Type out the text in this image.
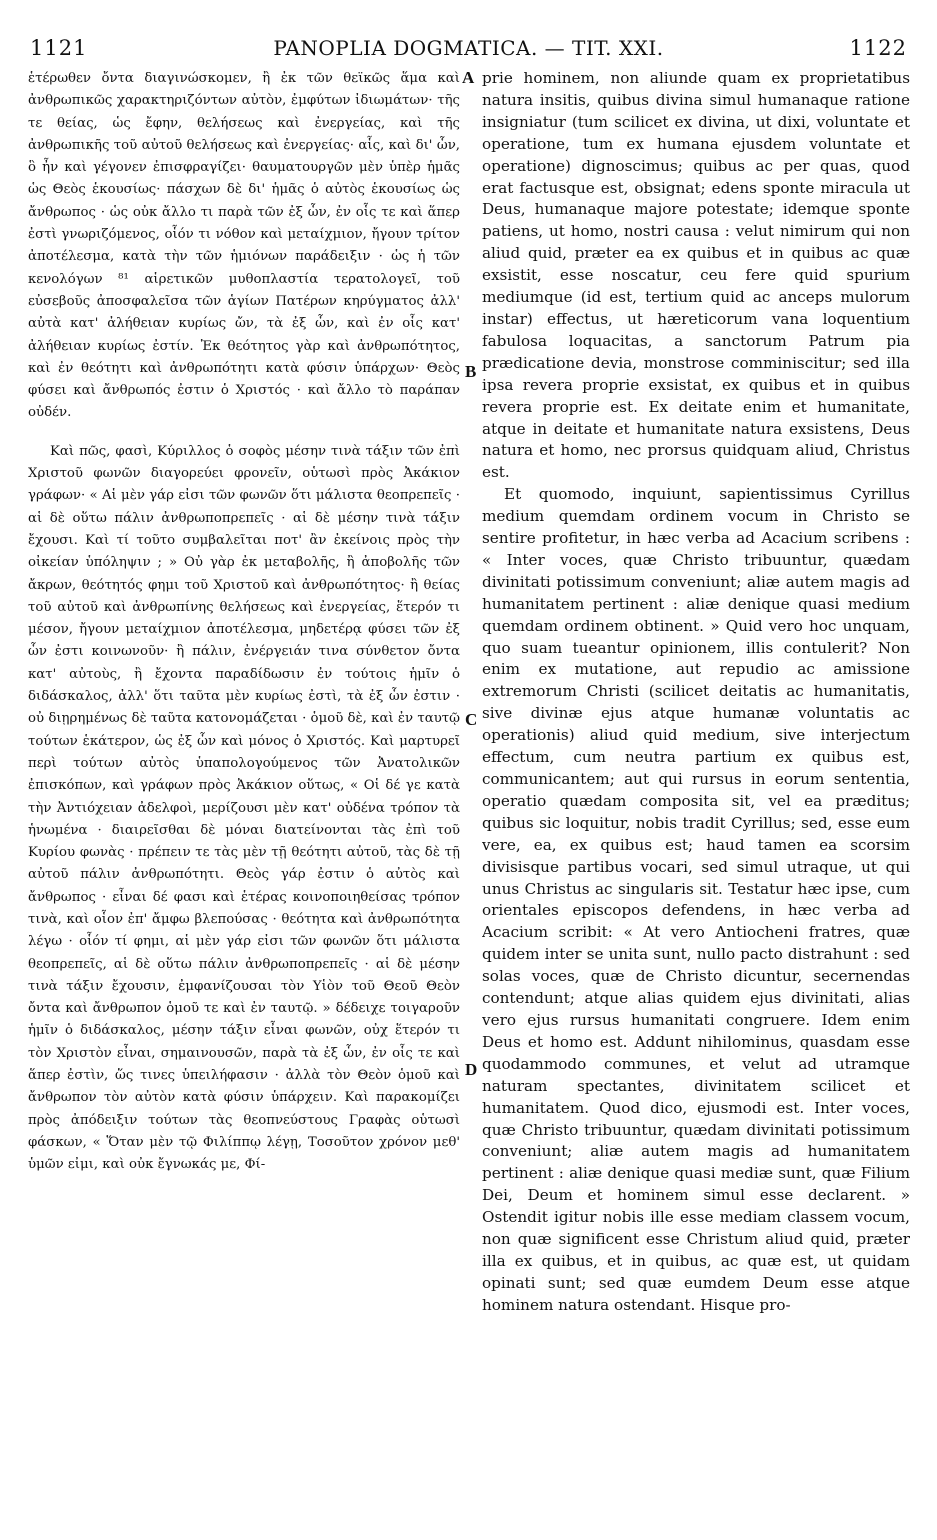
1121	PANOPLIA DOGMATICA. — TIT. XXI.	1122

ἑτέρωθεν ὄντα διαγινώσκομεν, ἢ ἐκ τῶν θεϊκῶς ἅμα καὶ ἀνθρωπικῶς χαρακτηριζόντων αὐτὸν, ἐμφύτων ἰδιωμάτων· τῆς τε θείας, ὡς ἔφην, θελήσεως καὶ ἐνεργείας, καὶ τῆς ἀνθρωπικῆς τοῦ αὐτοῦ θελήσεως καὶ ἐνεργείας· αἷς, καὶ δι' ὧν, ὃ ἦν καὶ γέγονεν ἐπισφραγίζει· θαυματουργῶν μὲν ὑπὲρ ἡμᾶς ὡς Θεὸς ἑκουσίως· πάσχων δὲ δι' ἡμᾶς ὁ αὐτὸς ἑκουσίως ὡς ἄνθρωπος · ὡς οὐκ ἄλλο τι παρὰ τῶν ἐξ ὧν, ἐν οἷς τε καὶ ἅπερ ἐστὶ γνωριζόμενος, οἷόν τι νόθον καὶ μεταίχμιον, ἤγουν τρίτον ἀποτέλεσμα, κατὰ τὴν τῶν ἡμιόνων παράδειξιν · ὡς ἡ τῶν κενολόγων ⁸¹ αἱρετικῶν μυθοπλαστία τερατολογεῖ, τοῦ εὐσεβοῦς ἀποσφαλεῖσα τῶν ἁγίων Πατέρων κηρύγματος ἀλλ' αὐτὰ κατ' ἀλήθειαν κυρίως ὤν, τὰ ἐξ ὧν, καὶ ἐν οἷς κατ' ἀλήθειαν κυρίως ἐστίν. Ἐκ θεότητος γὰρ καὶ ἀνθρωπότητος, καὶ ἐν θεότητι καὶ ἀνθρωπότητι κατὰ φύσιν ὑπάρχων· Θεὸς φύσει καὶ ἄνθρωπός ἐστιν ὁ Χριστός · καὶ ἄλλο τὸ παράπαν οὐδέν.

Καὶ πῶς, φασὶ, Κύριλλος ὁ σοφὸς μέσην τινὰ τάξιν τῶν ἐπὶ Χριστοῦ φωνῶν διαγορεύει φρονεῖν, οὑτωσὶ πρὸς Ἀκάκιον γράφων· « Αἱ μὲν γάρ εἰσι τῶν φωνῶν ὅτι μάλιστα θεοπρεπεῖς · αἱ δὲ οὕτω πάλιν ἀνθρωποπρεπεῖς · αἱ δὲ μέσην τινὰ τάξιν ἔχουσι. Καὶ τί τοῦτο συμβαλεῖται ποτ' ἂν ἐκείνοις πρὸς τὴν οἰκείαν ὑπόληψιν ; » Οὐ γὰρ ἐκ μεταβολῆς, ἢ ἀποβολῆς τῶν ἄκρων, θεότητός φημι τοῦ Χριστοῦ καὶ ἀνθρωπότητος· ἢ θείας τοῦ αὐτοῦ καὶ ἀνθρωπίνης θελήσεως καὶ ἐνεργείας, ἕτερόν τι μέσον, ἤγουν μεταίχμιον ἀποτέλεσμα, μηδετέρᾳ φύσει τῶν ἐξ ὧν ἐστι κοινωνοῦν· ἢ πάλιν, ἐνέργειάν τινα σύνθετον ὄντα κατ' αὐτοὺς, ἢ ἔχοντα παραδίδωσιν ἐν τούτοις ἡμῖν ὁ διδάσκαλος, ἀλλ' ὅτι ταῦτα μὲν κυρίως ἐστὶ, τὰ ἐξ ὧν ἐστιν · οὐ διῃρημένως δὲ ταῦτα κατονομάζεται · ὁμοῦ δὲ, καὶ ἐν ταυτῷ τούτων ἑκάτερον, ὡς ἐξ ὧν καὶ μόνος ὁ Χριστός. Καὶ μαρτυρεῖ περὶ τούτων αὐτὸς ὑπαπολογούμενος τῶν Ἀνατολικῶν ἐπισκόπων, καὶ γράφων πρὸς Ἀκάκιον οὕτως, « Οἱ δέ γε κατὰ τὴν Ἀντιόχειαν ἀδελφοὶ, μερίζουσι μὲν κατ' οὐδένα τρόπον τὰ ἡνωμένα · διαιρεῖσθαι δὲ μόναι διατείνονται τὰς ἐπὶ τοῦ Κυρίου φωνὰς · πρέπειν τε τὰς μὲν τῇ θεότητι αὐτοῦ, τὰς δὲ τῇ αὐτοῦ πάλιν ἀνθρωπότητι. Θεὸς γάρ ἐστιν ὁ αὐτὸς καὶ ἄνθρωπος · εἶναι δέ φασι καὶ ἑτέρας κοινοποιηθείσας τρόπον τινὰ, καὶ οἷον ἐπ' ἄμφω βλεπούσας · θεότητα καὶ ἀνθρωπότητα λέγω · οἷόν τί φημι, αἱ μὲν γάρ εἰσι τῶν φωνῶν ὅτι μάλιστα θεοπρεπεῖς, αἱ δὲ οὕτω πάλιν ἀνθρωποπρεπεῖς · αἱ δὲ μέσην τινὰ τάξιν ἔχουσιν, ἐμφανίζουσαι τὸν Υἱὸν τοῦ Θεοῦ Θεὸν ὄντα καὶ ἄνθρωπον ὁμοῦ τε καὶ ἐν ταυτῷ. » δέδειχε τοιγαροῦν ἡμῖν ὁ διδάσκαλος, μέσην τάξιν εἶναι φωνῶν, οὐχ ἕτερόν τι τὸν Χριστὸν εἶναι, σημαινουσῶν, παρὰ τὰ ἐξ ὧν, ἐν οἷς τε καὶ ἅπερ ἐστὶν, ὥς τινες ὑπειλήφασιν · ἀλλὰ τὸν Θεὸν ὁμοῦ καὶ ἄνθρωπον τὸν αὐτὸν κατὰ φύσιν ὑπάρχειν. Καὶ παρακομίζει πρὸς ἀπόδειξιν τούτων τὰς θεοπνεύστους Γραφὰς οὑτωσὶ φάσκων, « Ὅταν μὲν τῷ Φιλίππῳ λέγῃ, Τοσοῦτον χρόνον μεθ' ὑμῶν εἰμι, καὶ οὐκ ἔγνωκάς με, Φί-

prie hominem, non aliunde quam ex proprietatibus natura insitis, quibus divina simul humanaque ratione insigniatur (tum scilicet ex divina, ut dixi, voluntate et operatione, tum ex humana ejusdem voluntate et operatione) dignoscimus; quibus ac per quas, quod erat factusque est, obsignat; edens sponte miracula ut Deus, humanaque majore potestate; idemque sponte patiens, ut homo, nostri causa : velut nimirum qui non aliud quid, præter ea ex quibus et in quibus ac quæ exsistit, esse noscatur, ceu fere quid spurium mediumque (id est, tertium quid ac anceps mulorum instar) effectus, ut hæreticorum vana loquentium fabulosa loquacitas, a sanctorum Patrum pia prædicatione devia, monstrose comminiscitur; sed illa ipsa revera proprie exsistat, ex quibus et in quibus revera proprie est. Ex deitate enim et humanitate, atque in deitate et humanitate natura exsistens, Deus natura et homo, nec prorsus quidquam aliud, Christus est.

Et quomodo, inquiunt, sapientissimus Cyrillus medium quemdam ordinem vocum in Christo se sentire profitetur, in hæc verba ad Acacium scribens : « Inter voces, quæ Christo tribuuntur, quædam divinitati potissimum conveniunt; aliæ autem magis ad humanitatem pertinent : aliæ denique quasi medium quemdam ordinem obtinent. » Quid vero hoc unquam, quo suam tueantur opinionem, illis contulerit? Non enim ex mutatione, aut repudio ac amissione extremorum Christi (scilicet deitatis ac humanitatis, sive divinæ ejus atque humanæ voluntatis ac operationis) aliud quid medium, sive interjectum effectum, cum neutra partium ex quibus est, communicantem; aut qui rursus in eorum sententia, operatio quædam composita sit, vel ea præditus; quibus sic loquitur, nobis tradit Cyrillus; sed, esse eum vere, ea, ex quibus est; haud tamen ea scorsim divisisque partibus vocari, sed simul utraque, ut qui unus Christus ac singularis sit. Testatur hæc ipse, cum orientales episcopos defendens, in hæc verba ad Acacium scribit: « At vero Antiocheni fratres, quæ quidem inter se unita sunt, nullo pacto distrahunt : sed solas voces, quæ de Christo dicuntur, secernendas contendunt; atque alias quidem ejus divinitati, alias vero ejus rursus humanitati congruere. Idem enim Deus et homo est. Addunt nihilominus, quasdam esse quodammodo communes, et velut ad utramque naturam spectantes, divinitatem scilicet et humanitatem. Quod dico, ejusmodi est. Inter voces, quæ Christo tribuuntur, quædam divinitati potissimum conveniunt; aliæ autem magis ad humanitatem pertinent : aliæ denique quasi mediæ sunt, quæ Filium Dei, Deum et hominem simul esse declarent. » Ostendit igitur nobis ille esse mediam classem vocum, non quæ significent esse Christum aliud quid, præter illa ex quibus, et in quibus, ac quæ est, ut quidam opinati sunt; sed quæ eumdem Deum esse atque hominem natura ostendant. Hisque pro-

A
B
C
D
